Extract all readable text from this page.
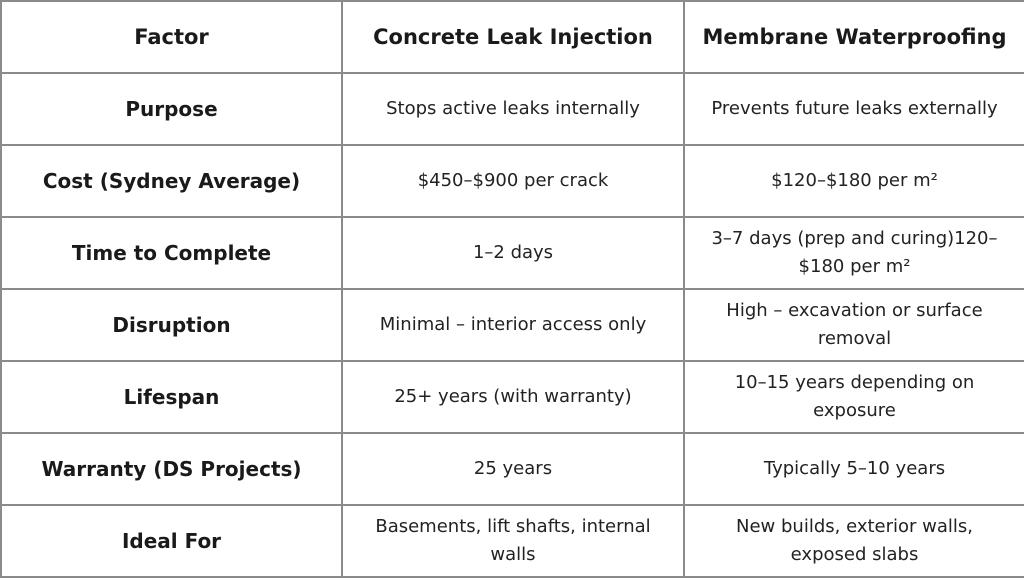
Factor	Concrete Leak Injection	Membrane Waterproofing
Purpose	Stops active leaks internally	Prevents future leaks externally
Cost (Sydney Average)	$450–$900 per crack	$120–$180 per m²
Time to Complete	1–2 days	3–7 days (prep and curing)120–$180 per m²
Disruption	Minimal – interior access only	High – excavation or surface removal
Lifespan	25+ years (with warranty)	10–15 years depending on exposure
Warranty (DS Projects)	25 years	Typically 5–10 years
Ideal For	Basements, lift shafts, internal walls	New builds, exterior walls, exposed slabs
